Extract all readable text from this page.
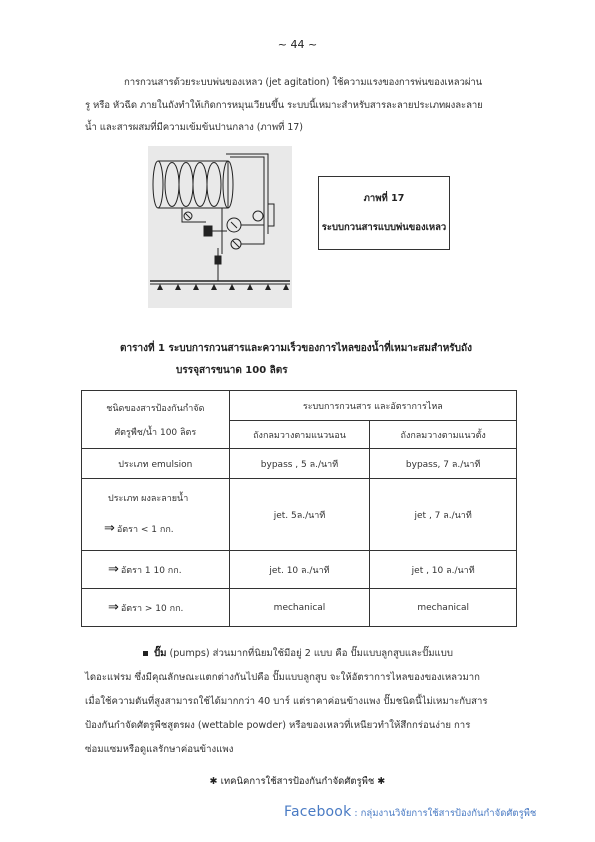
~ 44 ~
การกวนสารด้วยระบบพ่นของเหลว (jet agitation) ใช้ความแรงของการพ่นของเหลวผ่าน
รู หรือ หัวฉีด ภายในถังทำให้เกิดการหมุนเวียนขึ้น ระบบนี้เหมาะสำหรับสารละลายประเภทผงละลาย
น้ำ และสารผสมที่มีความเข้มข้นปานกลาง (ภาพที่ 17)
ภาพที่ 17
ระบบกวนสารแบบพ่นของเหลว
ตารางที่ 1 ระบบการกวนสารและความเร็วของการไหลของน้ำที่เหมาะสมสำหรับถัง
บรรจุสารขนาด 100 ลิตร
ชนิดของสารป้องกันกำจัด
ศัตรูพืช/น้ำ 100 ลิตร	ระบบการกวนสาร และอัตราการไหล	
	ถังกลมวางตามแนวนอน	ถังกลมวางตามแนวตั้ง
ประเภท emulsion	bypass , 5 ล./นาที	bypass, 7 ล./นาที

ประเภท ผงละลายน้ำ
⇒ อัตรา < 1 กก.	jet. 5ล./นาที	jet , 7 ล./นาที
⇒ อัตรา 1 10 กก.	jet. 10 ล./นาที	jet , 10 ล./นาที
⇒ อัตรา > 10 กก.	mechanical	mechanical
ปั๊ม (pumps) ส่วนมากที่นิยมใช้มีอยู่ 2 แบบ คือ ปั๊มแบบลูกสูบและปั๊มแบบ
ไดอะแฟรม ซึ่งมีคุณลักษณะแตกต่างกันไปคือ ปั๊มแบบลูกสูบ จะให้อัตราการไหลของของเหลวมาก
เมื่อใช้ความดันที่สูงสามารถใช้ได้มากกว่า 40 บาร์ แต่ราคาค่อนข้างแพง ปั๊มชนิดนี้ไม่เหมาะกับสาร
ป้องกันกำจัดศัตรูพืชสูตรผง (wettable powder) หรือของเหลวที่เหนียวทำให้สึกกร่อนง่าย การ
ซ่อมแซมหรือดูแลรักษาค่อนข้างแพง
✱ เทคนิคการใช้สารป้องกันกำจัดศัตรูพืช ✱
Facebook : กลุ่มงานวิจัยการใช้สารป้องกันกำจัดศัตรูพืช
